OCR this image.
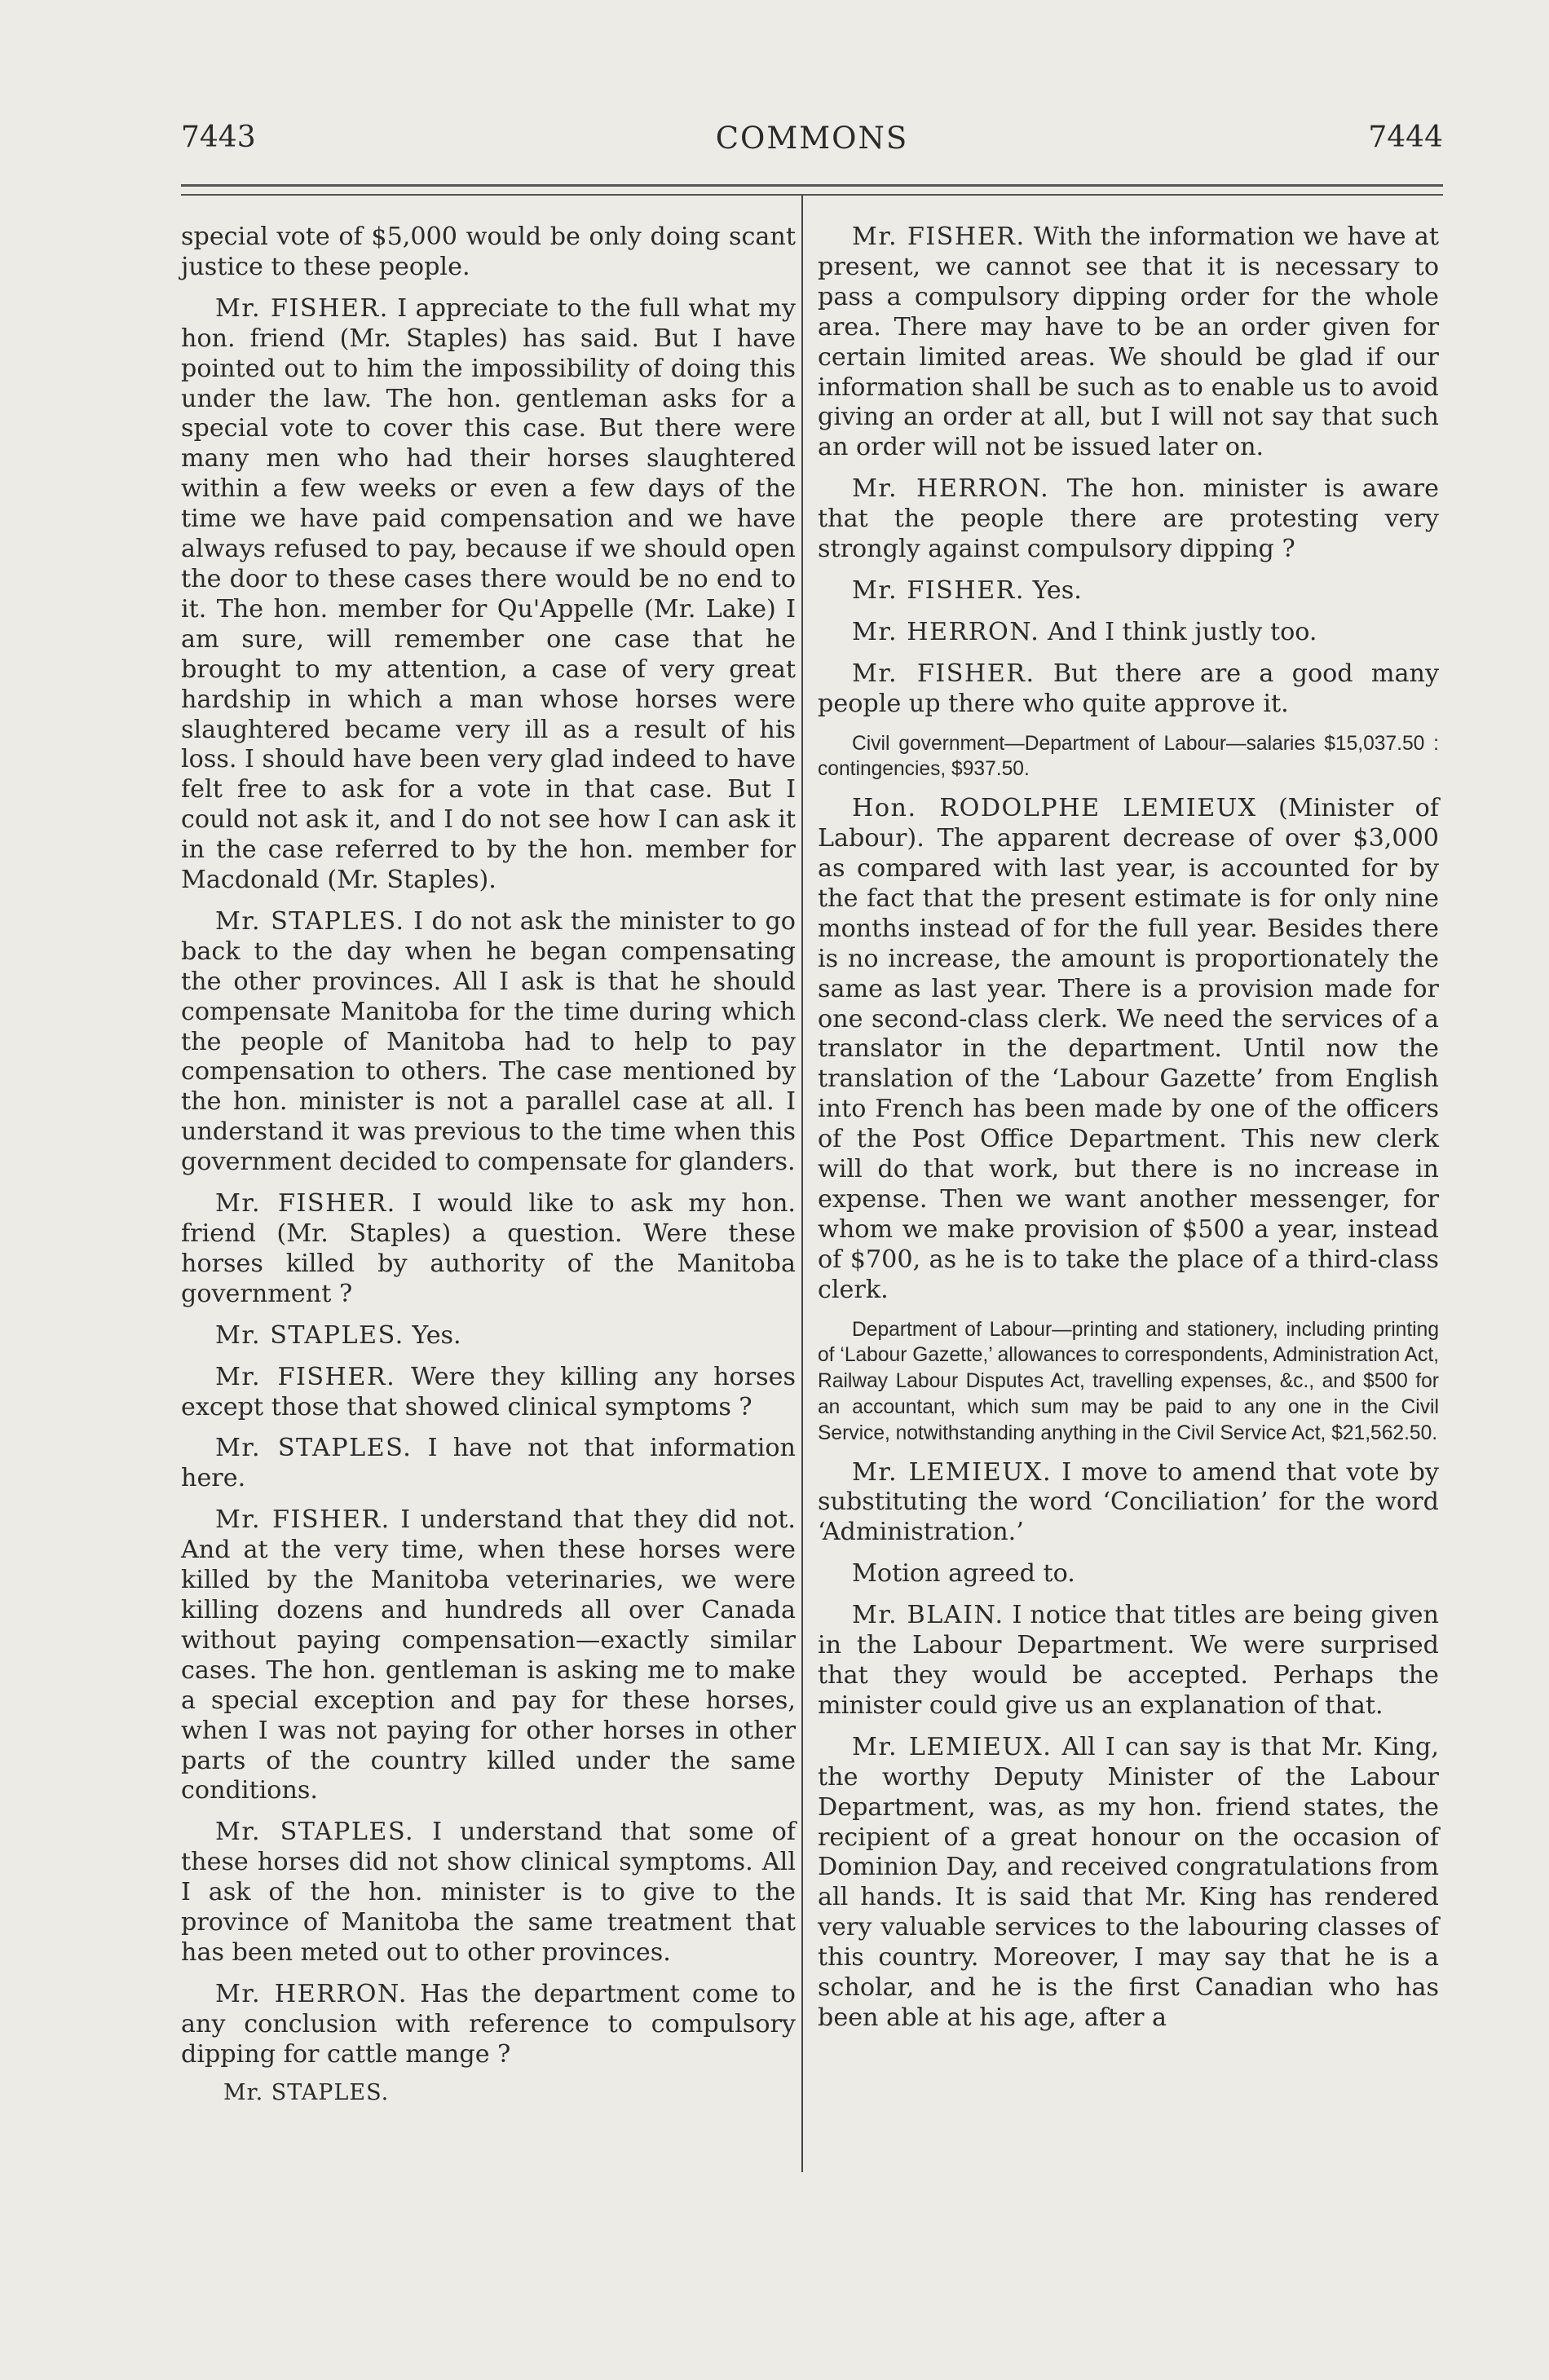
7443	COMMONS	7444

special vote of $5,000 would be only doing scant justice to these people.

Mr. FISHER. I appreciate to the full what my hon. friend (Mr. Staples) has said. But I have pointed out to him the impossibility of doing this under the law. The hon. gentleman asks for a special vote to cover this case. But there were many men who had their horses slaughtered within a few weeks or even a few days of the time we have paid compensation and we have always refused to pay, because if we should open the door to these cases there would be no end to it. The hon. member for Qu'Appelle (Mr. Lake) I am sure, will remember one case that he brought to my attention, a case of very great hardship in which a man whose horses were slaughtered became very ill as a result of his loss. I should have been very glad indeed to have felt free to ask for a vote in that case. But I could not ask it, and I do not see how I can ask it in the case referred to by the hon. member for Macdonald (Mr. Staples).

Mr. STAPLES. I do not ask the minister to go back to the day when he began compensating the other provinces. All I ask is that he should compensate Manitoba for the time during which the people of Manitoba had to help to pay compensation to others. The case mentioned by the hon. minister is not a parallel case at all. I understand it was previous to the time when this government decided to compensate for glanders.

Mr. FISHER. I would like to ask my hon. friend (Mr. Staples) a question. Were these horses killed by authority of the Manitoba government ?

Mr. STAPLES. Yes.

Mr. FISHER. Were they killing any horses except those that showed clinical symptoms ?

Mr. STAPLES. I have not that information here.

Mr. FISHER. I understand that they did not. And at the very time, when these horses were killed by the Manitoba veterinaries, we were killing dozens and hundreds all over Canada without paying compensation—exactly similar cases. The hon. gentleman is asking me to make a special exception and pay for these horses, when I was not paying for other horses in other parts of the country killed under the same conditions.

Mr. STAPLES. I understand that some of these horses did not show clinical symptoms. All I ask of the hon. minister is to give to the province of Manitoba the same treatment that has been meted out to other provinces.

Mr. HERRON. Has the department come to any conclusion with reference to compulsory dipping for cattle mange ?

Mr. STAPLES.

Mr. FISHER. With the information we have at present, we cannot see that it is necessary to pass a compulsory dipping order for the whole area. There may have to be an order given for certain limited areas. We should be glad if our information shall be such as to enable us to avoid giving an order at all, but I will not say that such an order will not be issued later on.

Mr. HERRON. The hon. minister is aware that the people there are protesting very strongly against compulsory dipping ?

Mr. FISHER. Yes.

Mr. HERRON. And I think justly too.

Mr. FISHER. But there are a good many people up there who quite approve it.

Civil government—Department of Labour—salaries $15,037.50 : contingencies, $937.50.

Hon. RODOLPHE LEMIEUX (Minister of Labour). The apparent decrease of over $3,000 as compared with last year, is accounted for by the fact that the present estimate is for only nine months instead of for the full year. Besides there is no increase, the amount is proportionately the same as last year. There is a provision made for one second-class clerk. We need the services of a translator in the department. Until now the translation of the ‘Labour Gazette’ from English into French has been made by one of the officers of the Post Office Department. This new clerk will do that work, but there is no increase in expense. Then we want another messenger, for whom we make provision of $500 a year, instead of $700, as he is to take the place of a third-class clerk.

Department of Labour—printing and stationery, including printing of ‘Labour Gazette,’ allowances to correspondents, Administration Act, Railway Labour Disputes Act, travelling expenses, &c., and $500 for an accountant, which sum may be paid to any one in the Civil Service, notwithstanding anything in the Civil Service Act, $21,562.50.

Mr. LEMIEUX. I move to amend that vote by substituting the word ‘Conciliation’ for the word ‘Administration.’

Motion agreed to.

Mr. BLAIN. I notice that titles are being given in the Labour Department. We were surprised that they would be accepted. Perhaps the minister could give us an explanation of that.

Mr. LEMIEUX. All I can say is that Mr. King, the worthy Deputy Minister of the Labour Department, was, as my hon. friend states, the recipient of a great honour on the occasion of Dominion Day, and received congratulations from all hands. It is said that Mr. King has rendered very valuable services to the labouring classes of this country. Moreover, I may say that he is a scholar, and he is the first Canadian who has been able at his age, after a
